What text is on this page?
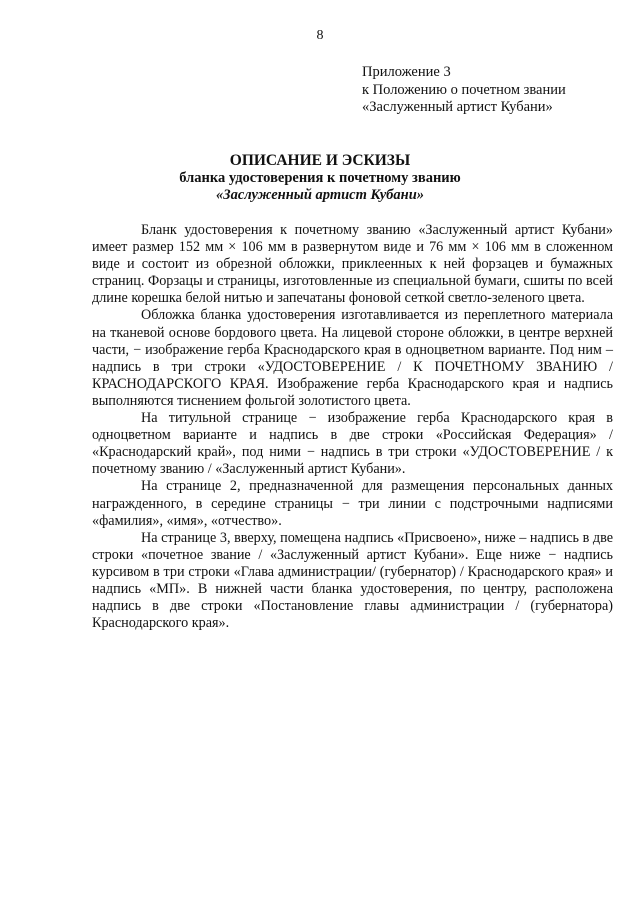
8
Приложение 3
к Положению о почетном звании
«Заслуженный артист Кубани»
ОПИСАНИЕ И ЭСКИЗЫ
бланка удостоверения к почетному званию
«Заслуженный артист Кубани»

Бланк удостоверения к почетному званию «Заслуженный артист Кубани» имеет размер 152 мм × 106 мм в развернутом виде и 76 мм × 106 мм в сложенном виде и состоит из обрезной обложки, приклеенных к ней форзацев и бумажных страниц. Форзацы и страницы, изготовленные из специальной бумаги, сшиты по всей длине корешка белой нитью и запечатаны фоновой сеткой светло-зеленого цвета.

Обложка бланка удостоверения изготавливается из переплетного материала на тканевой основе бордового цвета. На лицевой стороне обложки, в центре верхней части, − изображение герба Краснодарского края в одноцветном варианте. Под ним – надпись в три строки «УДОСТОВЕРЕНИЕ / К ПОЧЕТНОМУ ЗВАНИЮ / КРАСНОДАРСКОГО КРАЯ. Изображение герба Краснодарского края и надпись выполняются тиснением фольгой золотистого цвета.

На титульной странице − изображение герба Краснодарского края в одноцветном варианте и надпись в две строки «Российская Федерация» / «Краснодарский край», под ними − надпись в три строки «УДОСТОВЕРЕНИЕ / к почетному званию / «Заслуженный артист Кубани».

На странице 2, предназначенной для размещения персональных данных награжденного, в середине страницы − три линии с подстрочными надписями «фамилия», «имя», «отчество».

На странице 3, вверху, помещена надпись «Присвоено», ниже – надпись в две строки «почетное звание / «Заслуженный артист Кубани». Еще ниже − надпись курсивом в три строки «Глава администрации/ (губернатор) / Краснодарского края» и надпись «МП». В нижней части бланка удостоверения, по центру, расположена надпись в две строки «Постановление главы администрации / (губернатора) Краснодарского края».
